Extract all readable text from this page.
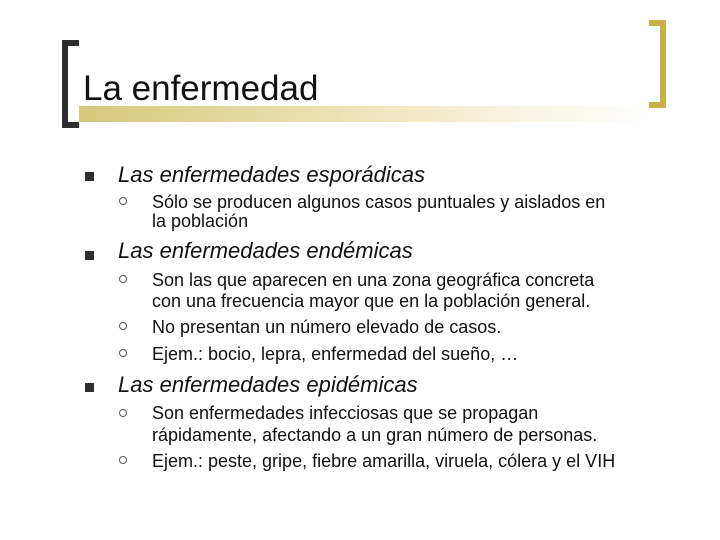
La enfermedad
Las enfermedades esporádicas
Sólo se producen algunos casos puntuales y aislados en
la población
Las enfermedades endémicas
Son las que aparecen en una zona geográfica concreta
con una frecuencia mayor que en la población general.
No presentan un número elevado de casos.
Ejem.: bocio, lepra, enfermedad del sueño, …
Las enfermedades epidémicas
Son enfermedades infecciosas que se propagan
rápidamente, afectando a un gran número de personas.
Ejem.: peste, gripe, fiebre amarilla, viruela, cólera y el VIH
